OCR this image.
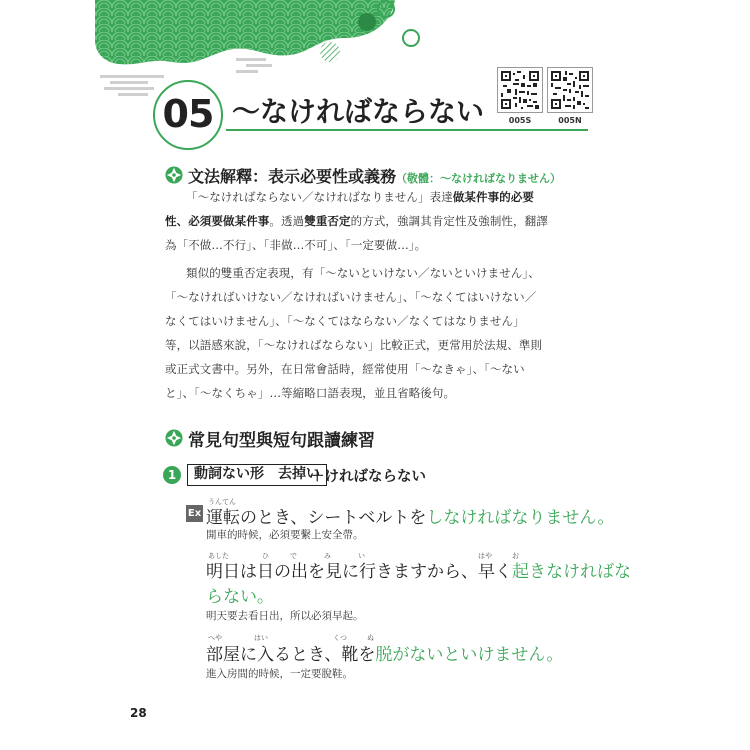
05 ～なければならない	005S	005N
文法解釋：表示必要性或義務（敬體：～なければなりません）
「～なければならない／なければなりません」表達做某件事的必要
性、必須要做某件事。透過雙重否定的方式，強調其肯定性及強制性，翻譯
為「不做…不行」、「非做…不可」、「一定要做…」。
類似的雙重否定表現，有「～ないといけない／ないといけません」、
「～なければいけない／なければいけません」、「～なくてはいけない／
なくてはいけません」、「～なくてはならない／なくてはなりません」
等，以語感來說，「～なければならない」比較正式，更常用於法規、準則
或正式文書中。另外，在日常會話時，經常使用「～なきゃ」、「～ない
と」、「～なくちゃ」…等縮略口語表現，並且省略後句。
常見句型與短句跟讀練習
1	動詞ない形　去掉い
＋ければならない
Ex
うんてん
運転のとき、シートベルトをしなければなりません。
開車的時候，必須要繫上安全帶。
あした	ひ	で	み	い	はや	お
明日は日の出を見に行きますから、早く起きなければな
らない。
明天要去看日出，所以必須早起。
へや	はい	くつ	ぬ
部屋に入るとき、靴を脱がないといけません。
進入房間的時候，一定要脫鞋。
28
